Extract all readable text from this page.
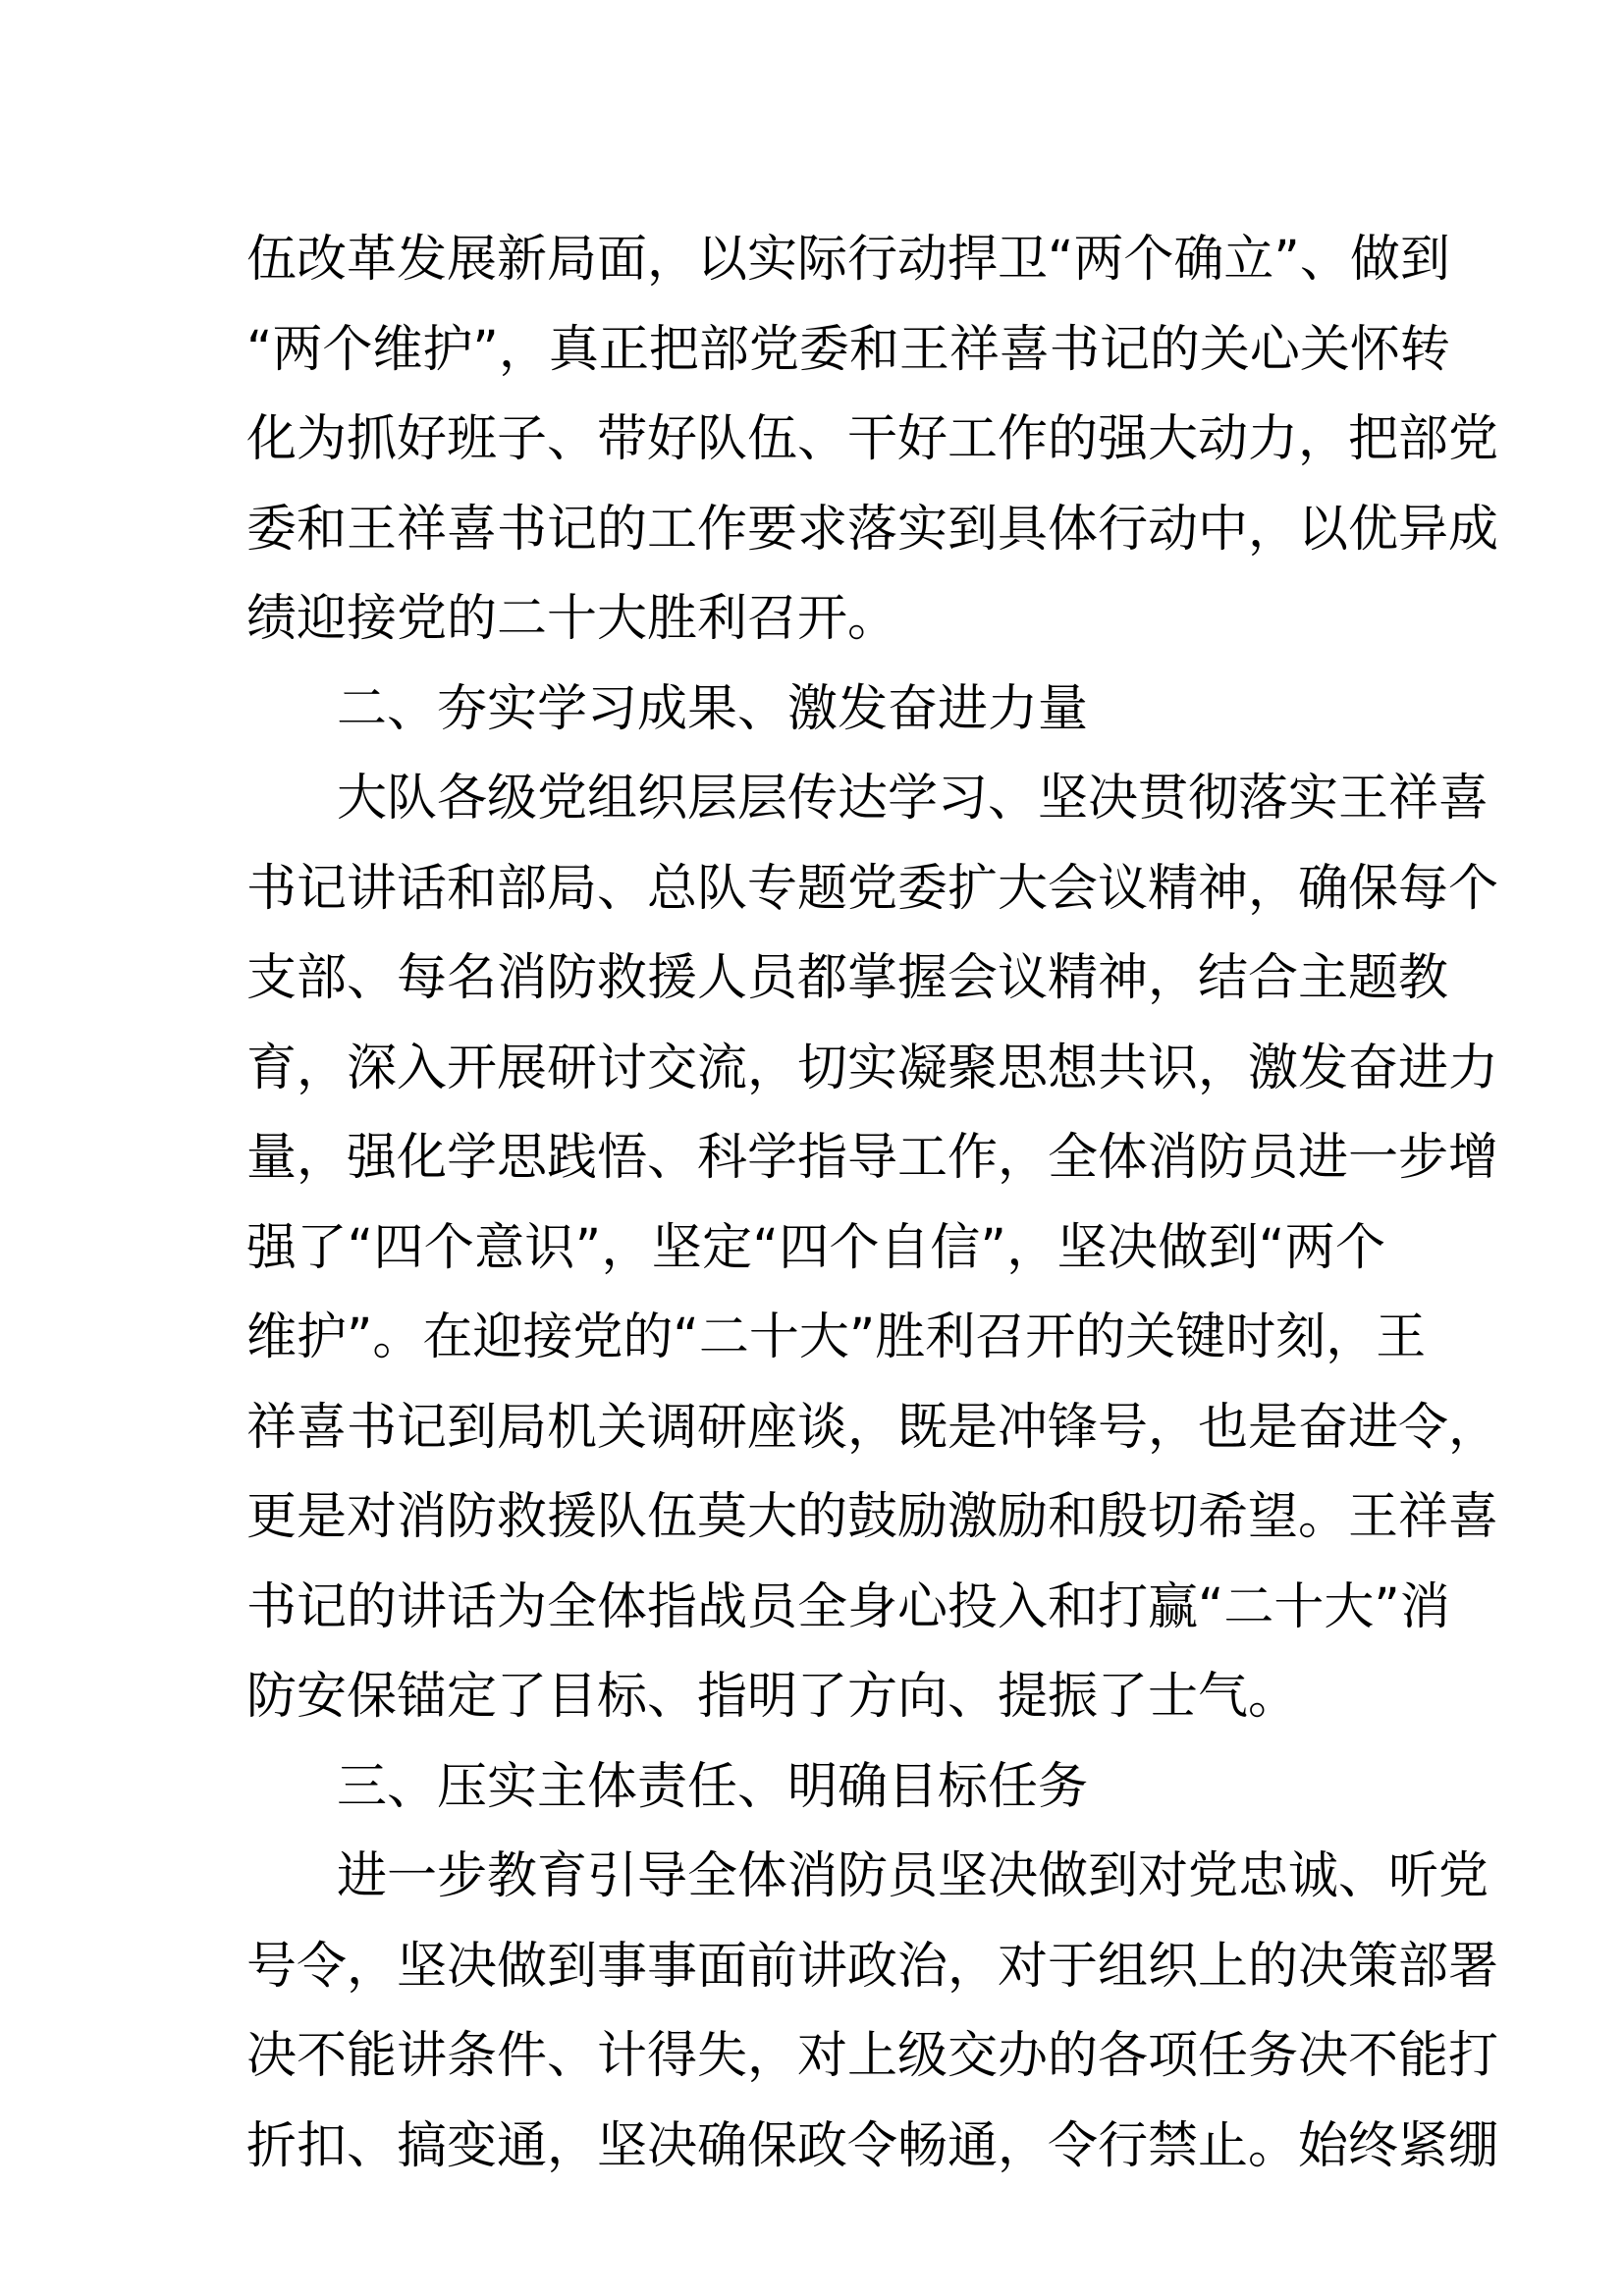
伍改革发展新局面，以实际行动捍卫“两个确立”、做到
“两个维护”，真正把部党委和王祥喜书记的关心关怀转
化为抓好班子、带好队伍、干好工作的强大动力，把部党
委和王祥喜书记的工作要求落实到具体行动中，以优异成
绩迎接党的二十大胜利召开。
二、夯实学习成果、激发奋进力量
大队各级党组织层层传达学习、坚决贯彻落实王祥喜
书记讲话和部局、总队专题党委扩大会议精神，确保每个
支部、每名消防救援人员都掌握会议精神，结合主题教
育，深入开展研讨交流，切实凝聚思想共识，激发奋进力
量，强化学思践悟、科学指导工作，全体消防员进一步增
强了“四个意识”，坚定“四个自信”，坚决做到“两个
维护”。在迎接党的“二十大”胜利召开的关键时刻，王
祥喜书记到局机关调研座谈，既是冲锋号，也是奋进令，
更是对消防救援队伍莫大的鼓励激励和殷切希望。王祥喜
书记的讲话为全体指战员全身心投入和打赢“二十大”消
防安保锚定了目标、指明了方向、提振了士气。
三、压实主体责任、明确目标任务
进一步教育引导全体消防员坚决做到对党忠诚、听党
号令，坚决做到事事面前讲政治，对于组织上的决策部署
决不能讲条件、计得失，对上级交办的各项任务决不能打
折扣、搞变通，坚决确保政令畅通，令行禁止。始终紧绷
